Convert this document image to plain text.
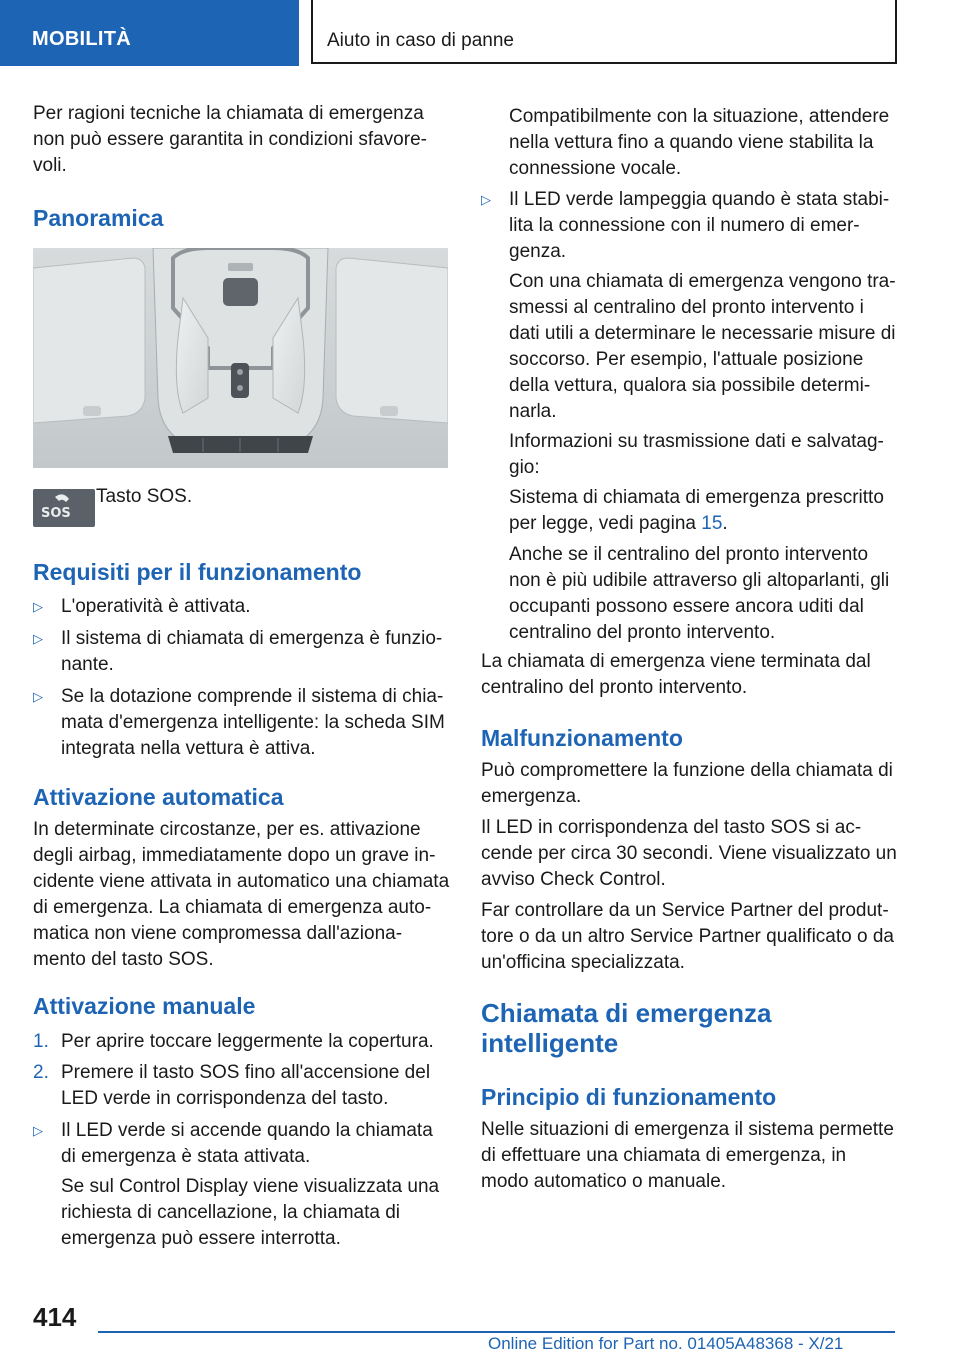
MOBILITÀ	Aiuto in caso di panne

Per ragioni tecniche la chiamata di emergenza
non può essere garantita in condizioni sfavore-
voli.

Panoramica
SOS

Tasto SOS.

Requisiti per il funzionamento
▷ L'operatività è attivata.

▷ Il sistema di chiamata di emergenza è funzio-
nante.

▷ Se la dotazione comprende il sistema di chia-
mata d'emergenza intelligente: la scheda SIM
integrata nella vettura è attiva.

Attivazione automatica

In determinate circostanze, per es. attivazione
degli airbag, immediatamente dopo un grave in-
cidente viene attivata in automatico una chiamata
di emergenza. La chiamata di emergenza auto-
matica non viene compromessa dall'aziona-
mento del tasto SOS.

Attivazione manuale
1. Per aprire toccare leggermente la copertura.

2. Premere il tasto SOS fino all'accensione del
LED verde in corrispondenza del tasto.

▷ Il LED verde si accende quando la chiamata
di emergenza è stata attivata.

Se sul Control Display viene visualizzata una
richiesta di cancellazione, la chiamata di
emergenza può essere interrotta.

Compatibilmente con la situazione, attendere
nella vettura fino a quando viene stabilita la
connessione vocale.

▷ Il LED verde lampeggia quando è stata stabi-
lita la connessione con il numero di emer-
genza.

Con una chiamata di emergenza vengono tra-
smessi al centralino del pronto intervento i
dati utili a determinare le necessarie misure di
soccorso. Per esempio, l'attuale posizione
della vettura, qualora sia possibile determi-
narla.

Informazioni su trasmissione dati e salvatag-
gio:

Sistema di chiamata di emergenza prescritto
per legge, vedi pagina 15.

Anche se il centralino del pronto intervento
non è più udibile attraverso gli altoparlanti, gli
occupanti possono essere ancora uditi dal
centralino del pronto intervento.

La chiamata di emergenza viene terminata dal
centralino del pronto intervento.

Malfunzionamento

Può compromettere la funzione della chiamata di
emergenza.

Il LED in corrispondenza del tasto SOS si ac-
cende per circa 30 secondi. Viene visualizzato un
avviso Check Control.

Far controllare da un Service Partner del produt-
tore o da un altro Service Partner qualificato o da
un'officina specializzata.

Chiamata di emergenza
intelligente
Principio di funzionamento

Nelle situazioni di emergenza il sistema permette
di effettuare una chiamata di emergenza, in
modo automatico o manuale.

414
Online Edition for Part no. 01405A48368 - X/21
